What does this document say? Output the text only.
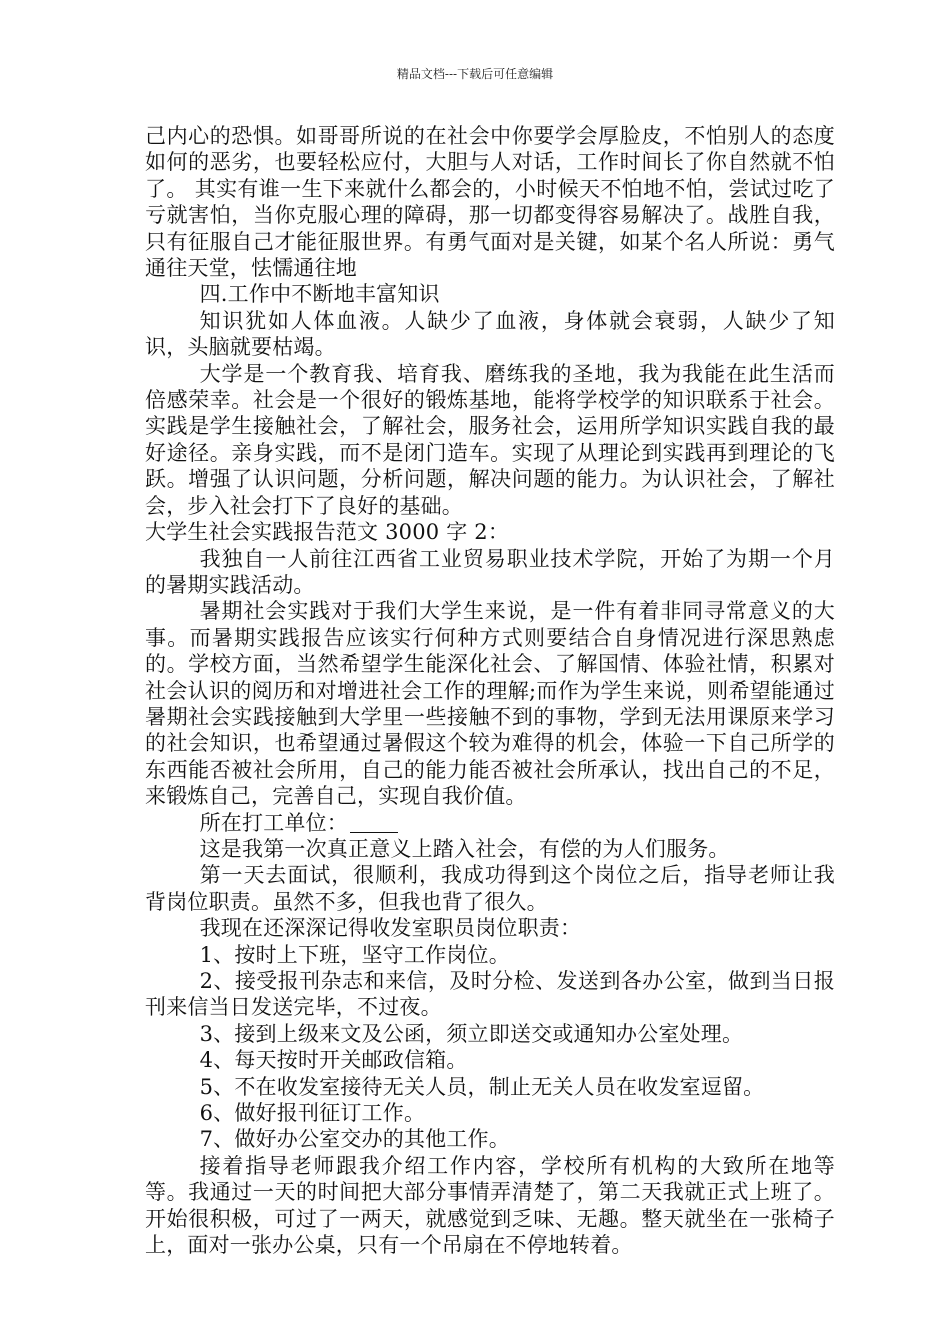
精品文档---下载后可任意编辑

己内心的恐惧。如哥哥所说的在社会中你要学会厚脸皮，不怕别人的态度如何的恶劣，也要轻松应付，大胆与人对话，工作时间长了你自然就不怕了。 其实有谁一生下来就什么都会的，小时候天不怕地不怕，尝试过吃了亏就害怕，当你克服心理的障碍，那一切都变得容易解决了。战胜自我，只有征服自己才能征服世界。有勇气面对是关键，如某个名人所说：勇气通往天堂，怯懦通往地

四.工作中不断地丰富知识

知识犹如人体血液。人缺少了血液，身体就会衰弱，人缺少了知识，头脑就要枯竭。

大学是一个教育我、培育我、磨练我的圣地，我为我能在此生活而倍感荣幸。社会是一个很好的锻炼基地，能将学校学的知识联系于社会。实践是学生接触社会，了解社会，服务社会，运用所学知识实践自我的最好途径。亲身实践，而不是闭门造车。实现了从理论到实践再到理论的飞跃。增强了认识问题，分析问题，解决问题的能力。为认识社会，了解社会，步入社会打下了良好的基础。

大学生社会实践报告范文 3000 字 2：

我独自一人前往江西省工业贸易职业技术学院，开始了为期一个月的暑期实践活动。

暑期社会实践对于我们大学生来说，是一件有着非同寻常意义的大事。而暑期实践报告应该实行何种方式则要结合自身情况进行深思熟虑的。学校方面，当然希望学生能深化社会、了解国情、体验社情，积累对社会认识的阅历和对增进社会工作的理解;而作为学生来说，则希望能通过暑期社会实践接触到大学里一些接触不到的事物，学到无法用课原来学习的社会知识，也希望通过暑假这个较为难得的机会，体验一下自己所学的东西能否被社会所用，自己的能力能否被社会所承认，找出自己的不足，来锻炼自己，完善自己，实现自我价值。

所在打工单位：

这是我第一次真正意义上踏入社会，有偿的为人们服务。

第一天去面试，很顺利，我成功得到这个岗位之后，指导老师让我背岗位职责。虽然不多，但我也背了很久。

我现在还深深记得收发室职员岗位职责：

1、按时上下班，坚守工作岗位。

2、接受报刊杂志和来信，及时分检、发送到各办公室，做到当日报刊来信当日发送完毕，不过夜。

3、接到上级来文及公函，须立即送交或通知办公室处理。

4、每天按时开关邮政信箱。

5、不在收发室接待无关人员，制止无关人员在收发室逗留。

6、做好报刊征订工作。

7、做好办公室交办的其他工作。

接着指导老师跟我介绍工作内容，学校所有机构的大致所在地等等。我通过一天的时间把大部分事情弄清楚了，第二天我就正式上班了。开始很积极，可过了一两天，就感觉到乏味、无趣。整天就坐在一张椅子上，面对一张办公桌，只有一个吊扇在不停地转着。
